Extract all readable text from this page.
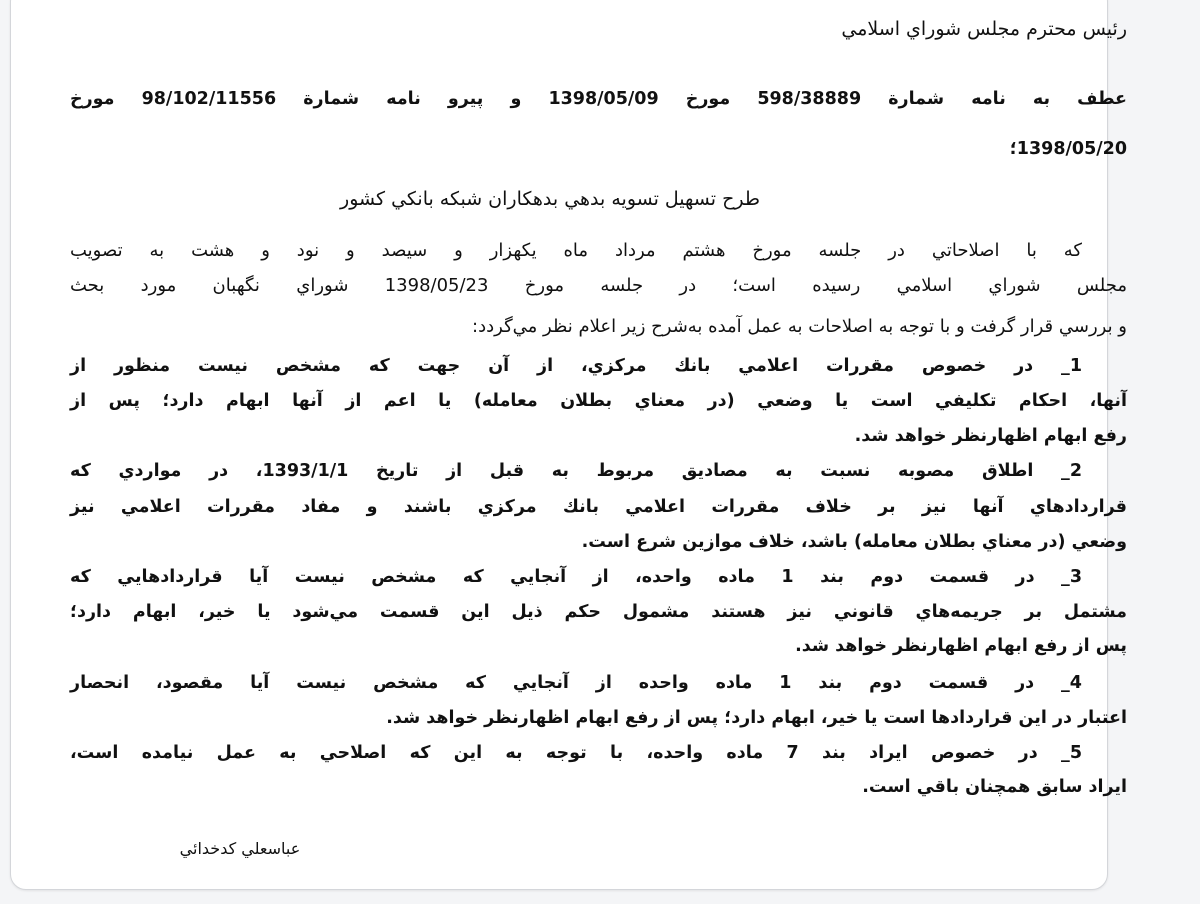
رئيس محترم مجلس شوراي اسلامي
عطف به نامه شمارة 598/38889 مورخ 1398/05/09 و پيرو نامه شمارة 98/102/11556 مورخ
1398/05/20؛
طرح تسهيل تسويه بدهي بدهكاران شبكه بانكي كشور
كه با اصلاحاتي در جلسه مورخ هشتم مرداد ماه يكهزار و سيصد و نود و هشت به تصويب
مجلس شوراي اسلامي رسيده است؛ در جلسه مورخ 1398/05/23 شوراي نگهبان مورد بحث
و بررسي قرار گرفت و با توجه به اصلاحات به عمل آمده به‌شرح زير اعلام نظر مي‌گردد:
1_ در خصوص مقررات اعلامي بانك مركزي، از آن جهت كه مشخص نيست منظور از
آنها، احكام تكليفي است يا وضعي (در معناي بطلان معامله) يا اعم از آنها ابهام دارد؛ پس از
رفع ابهام اظهارنظر خواهد شد.
2_ اطلاق مصوبه نسبت به مصاديق مربوط به قبل از تاريخ 1393/1/1، در مواردي كه
قراردادهاي آنها نيز بر خلاف مقررات اعلامي بانك مركزي باشند و مفاد مقررات اعلامي نيز
وضعي (در معناي بطلان معامله) باشد، خلاف موازين شرع است.
3_ در قسمت دوم بند 1 ماده واحده، از آنجايي كه مشخص نيست آيا قراردادهايي كه
مشتمل بر جريمه‌هاي قانوني نيز هستند مشمول حكم ذيل اين قسمت مي‌شود يا خير، ابهام دارد؛
پس از رفع ابهام اظهارنظر خواهد شد.
4_ در قسمت دوم بند 1 ماده واحده از آنجايي كه مشخص نيست آيا مقصود، انحصار
اعتبار در اين قراردادها است يا خير، ابهام دارد؛ پس از رفع ابهام اظهارنظر خواهد شد.
5_ در خصوص ايراد بند 7 ماده واحده، با توجه به اين كه اصلاحي به عمل نيامده است،
ايراد سابق همچنان باقي است.
عباسعلي كدخدائي
